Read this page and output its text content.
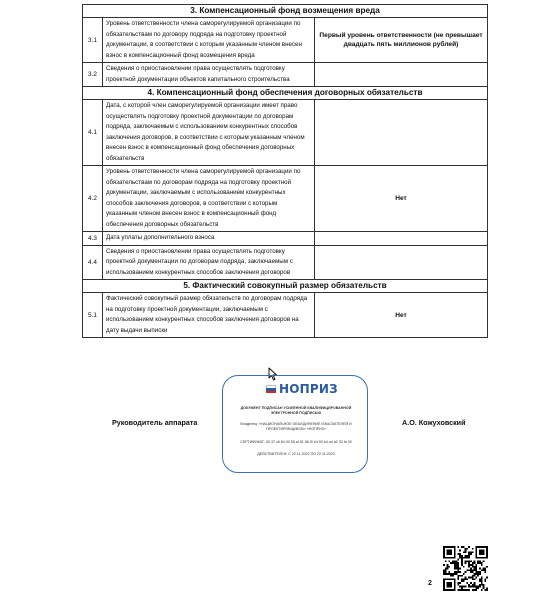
3. Компенсационный фонд возмещения вреда		
3.1	Уровень ответственности члена саморегулируемой организации по обязательствам по договору подряда на подготовку проектной документации, в соответствии с которым указанным членом внесен взнос в компенсационный фонд возмещения вреда	Первый уровень ответственности (не превышает двадцать пять миллионов рублей)
3.2	Сведения о приостановлении права осуществлять подготовку проектной документации объектов капитального строительства	
4. Компенсационный фонд обеспечения договорных обязательств		
4.1	Дата, с которой член саморегулируемой организации имеет право осуществлять подготовку проектной документации по договорам подряда, заключаемым с использованием конкурентных способов заключения договоров, в соответствии с которым указанным членом внесен взнос в компенсационный фонд обеспечения договорных обязательств	
4.2	Уровень ответственности члена саморегулируемой организации по обязательствам по договорам подряда на подготовку проектной документации, заключаемым с использованием конкурентных способов заключения договоров, в соответствии с которым указанным членом внесен взнос в компенсационный фонд обеспечения договорных обязательств	Нет
4.3	Дата уплаты дополнительного взноса	
4.4	Сведения о приостановлении права осуществлять подготовку проектной документации по договорам подряда, заключаемым с использованием конкурентных способов заключения договоров	
5. Фактический совокупный размер обязательств		
5.1	Фактический совокупный размер обязательств по договорам подряда на подготовку проектной документации, заключаемым с использованием конкурентных способов заключения договоров на дату выдачи выписки	Нет
Руководитель аппарата	А.О. Кожуховский
НОПРИЗ
ДОКУМЕНТ ПОДПИСАН УСИЛЕННОЙ КВАЛИФИЦИРОВАННОЙ
ЭЛЕКТРОННОЙ ПОДПИСЬЮ
Владелец: «НАЦИОНАЛЬНОЕ ОБЪЕДИНЕНИЕ ИЗЫСКАТЕЛЕЙ И
ПРОЕКТИРОВЩИКОВ» «НОПРИЗ»
СЕРТИФИКАТ: 53 37 c6 84 00 55 af 51 88 f0 b4 50 b4 a4 a2 33 fa 00
ДЕЙСТВИТЕЛЕН: С 22.11.2022 ПО 22.11.2023
2
